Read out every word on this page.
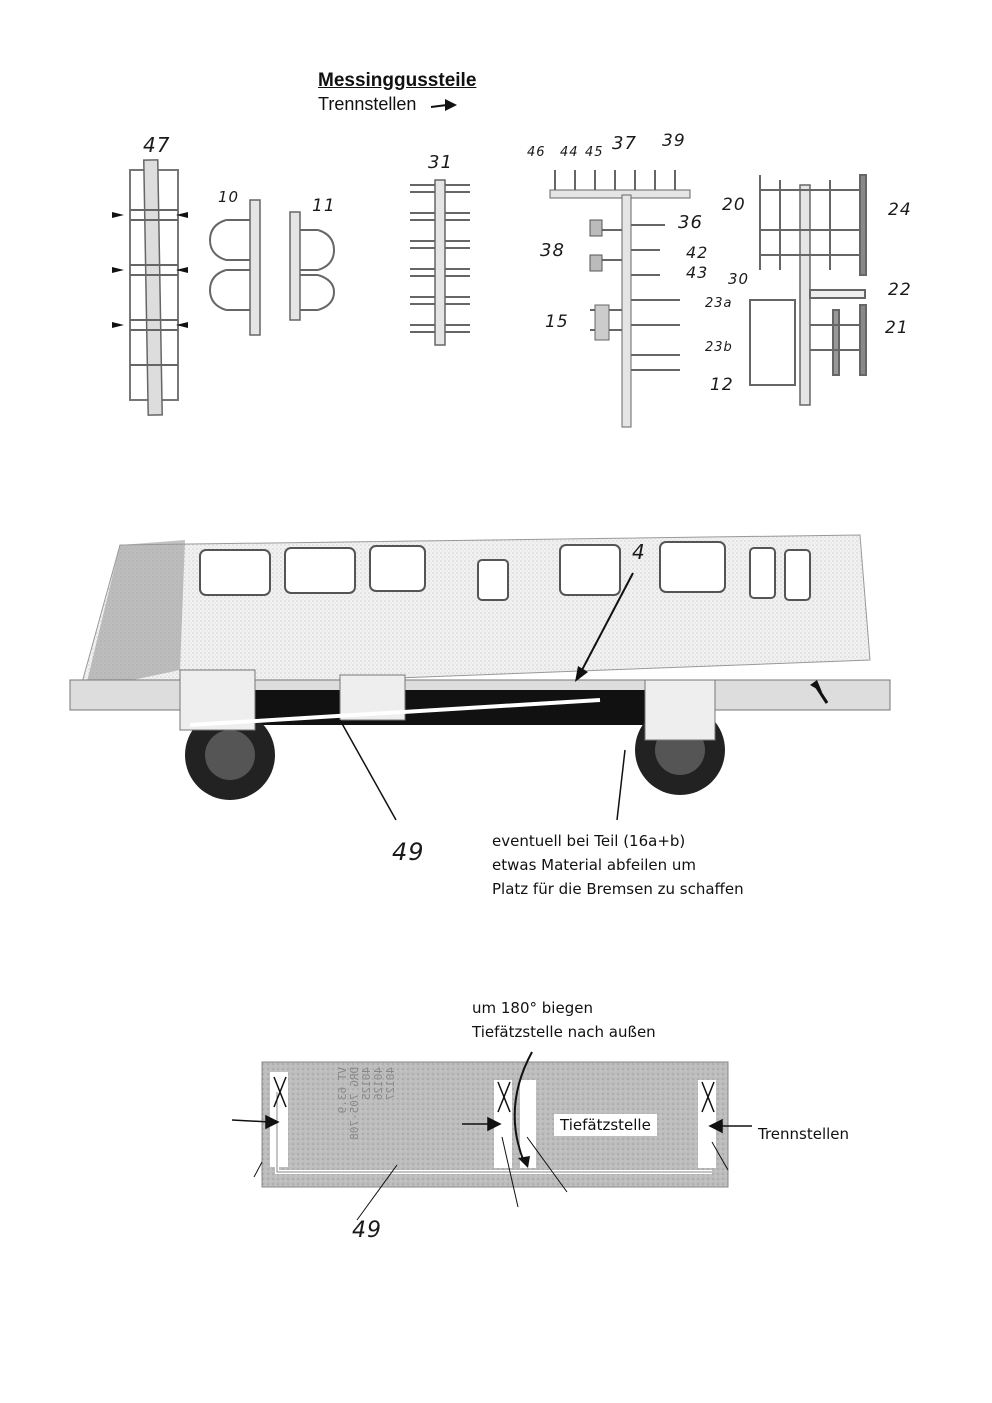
Messinggussteile
Trennstellen
47
10	11
31	46 44 45 37 39
36
38	42
43
15
23a
23b
20	24
30
22
21
12
4
49	eventuell bei Teil (16a+b)
etwas Material abfeilen um
Platz für die Bremsen zu schaffen
um 180° biegen
Tiefätzstelle nach außen
VT 63.9 DRG 705-708 40125 40126 40127
Tiefätzstelle	Trennstellen
49
